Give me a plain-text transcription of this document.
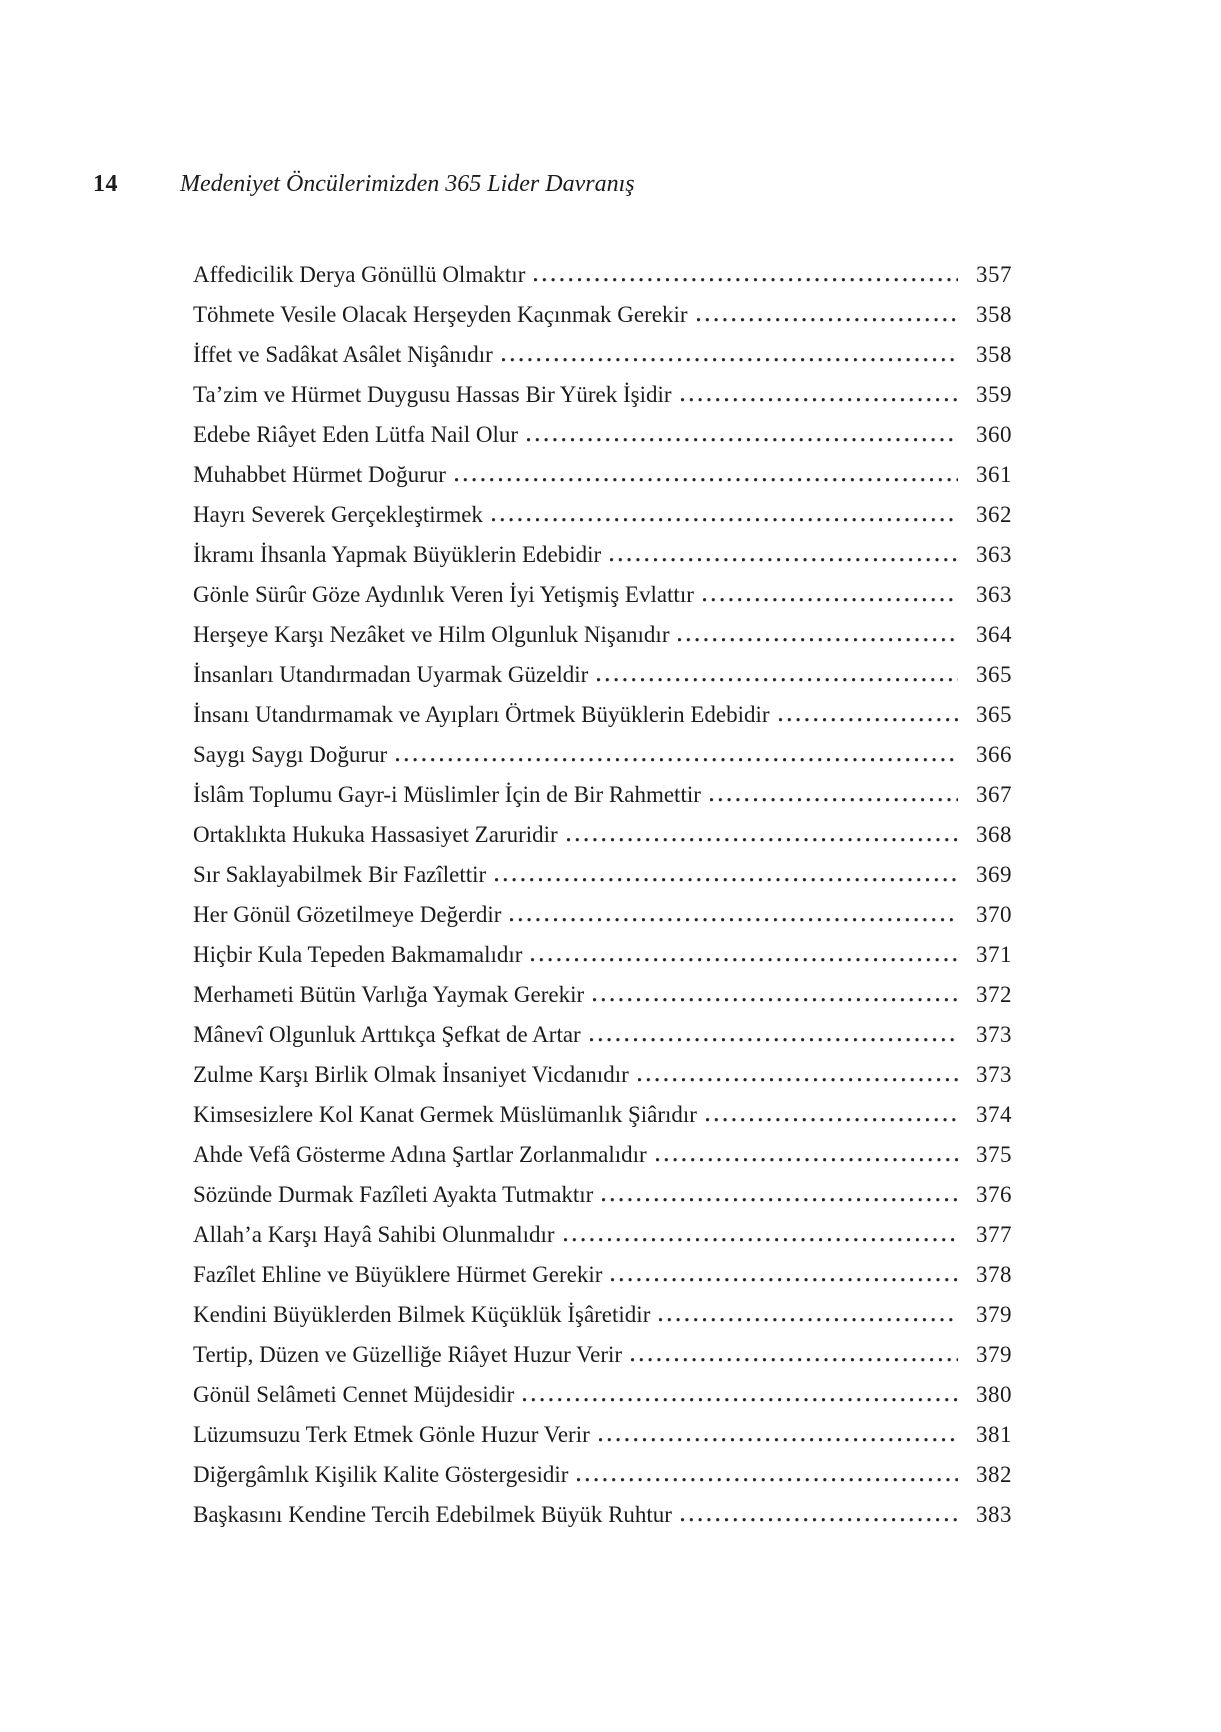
14	Medeniyet Öncülerimizden 365 Lider Davranış
Affedicilik Derya Gönüllü Olmaktır	357
Töhmete Vesile Olacak Herşeyden Kaçınmak Gerekir	358
İffet ve Sadâkat Asâlet Nişânıdır	358
Ta’zim ve Hürmet Duygusu Hassas Bir Yürek İşidir	359
Edebe Riâyet Eden Lütfa Nail Olur	360
Muhabbet Hürmet Doğurur	361
Hayrı Severek Gerçekleştirmek	362
İkramı İhsanla Yapmak Büyüklerin Edebidir	363
Gönle Sürûr Göze Aydınlık Veren İyi Yetişmiş Evlattır	363
Herşeye Karşı Nezâket ve Hilm Olgunluk Nişanıdır	364
İnsanları Utandırmadan Uyarmak Güzeldir	365
İnsanı Utandırmamak ve Ayıpları Örtmek Büyüklerin Edebidir	365
Saygı Saygı Doğurur	366
İslâm Toplumu Gayr-i Müslimler İçin de Bir Rahmettir	367
Ortaklıkta Hukuka Hassasiyet Zaruridir	368
Sır Saklayabilmek Bir Fazîlettir	369
Her Gönül Gözetilmeye Değerdir	370
Hiçbir Kula Tepeden Bakmamalıdır	371
Merhameti Bütün Varlığa Yaymak Gerekir	372
Mânevî Olgunluk Arttıkça Şefkat de Artar	373
Zulme Karşı Birlik Olmak İnsaniyet Vicdanıdır	373
Kimsesizlere Kol Kanat Germek Müslümanlık Şiârıdır	374
Ahde Vefâ Gösterme Adına Şartlar Zorlanmalıdır	375
Sözünde Durmak Fazîleti Ayakta Tutmaktır	376
Allah’a Karşı Hayâ Sahibi Olunmalıdır	377
Fazîlet Ehline ve Büyüklere Hürmet Gerekir	378
Kendini Büyüklerden Bilmek Küçüklük İşâretidir	379
Tertip, Düzen ve Güzelliğe Riâyet Huzur Verir	379
Gönül Selâmeti Cennet Müjdesidir	380
Lüzumsuzu Terk Etmek Gönle Huzur Verir	381
Diğergâmlık Kişilik Kalite Göstergesidir	382
Başkasını Kendine Tercih Edebilmek Büyük Ruhtur	383
